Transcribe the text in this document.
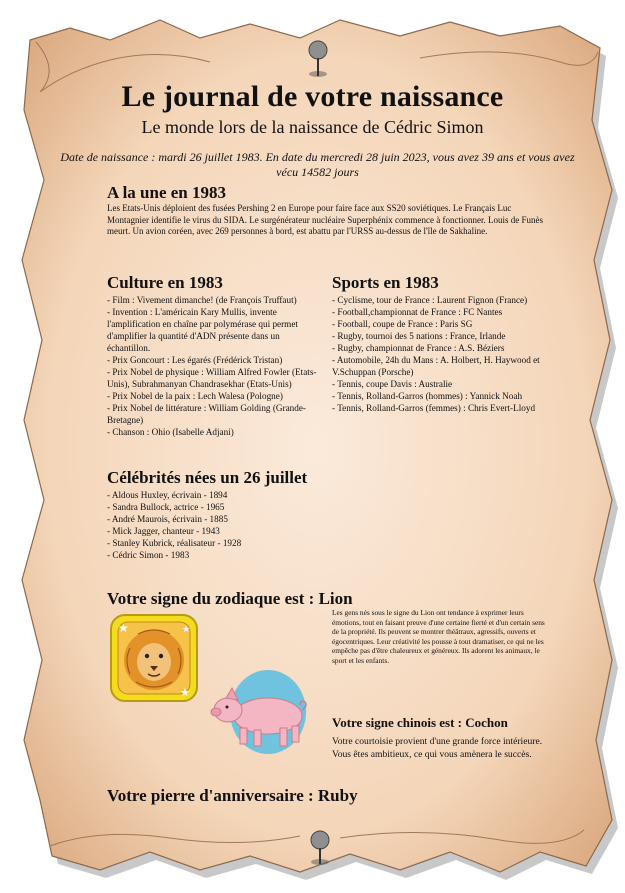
Le journal de votre naissance
Le monde lors de la naissance de Cédric Simon
Date de naissance : mardi 26 juillet 1983. En date du mercredi 28 juin 2023, vous avez 39 ans et vous avez vécu 14582 jours
A la une en 1983
Les Etats-Unis déploient des fusées Pershing 2 en Europe pour faire face aux SS20 soviétiques. Le Français Luc Montagnier identifie le virus du SIDA. Le surgénérateur nucléaire Superphénix commence à fonctionner. Louis de Funès meurt. Un avion coréen, avec 269 personnes à bord, est abattu par l'URSS au-dessus de l'île de Sakhaline.
Culture en 1983
- Film : Vivement dimanche! (de François Truffaut)
- Invention : L'américain Kary Mullis, invente l'amplification en chaîne par polymérase qui permet d'amplifier la quantité d'ADN présente dans un échantillon.
- Prix Goncourt : Les égarés (Frédérick Tristan)
- Prix Nobel de physique : William Alfred Fowler (Etats-Unis), Subrahmanyan Chandrasekhar (Etats-Unis)
- Prix Nobel de la paix : Lech Walesa (Pologne)
- Prix Nobel de littérature : William Golding (Grande-Bretagne)
- Chanson : Ohio (Isabelle Adjani)
Sports en 1983
- Cyclisme, tour de France : Laurent Fignon (France)
- Football,championnat de France : FC Nantes
- Football, coupe de France : Paris SG
- Rugby, tournoi des 5 nations : France, Irlande
- Rugby, championnat de France : A.S. Béziers
- Automobile, 24h du Mans : A. Holbert, H. Haywood et V.Schuppan (Porsche)
- Tennis, coupe Davis : Australie
- Tennis, Rolland-Garros (hommes) : Yannick Noah
- Tennis, Rolland-Garros (femmes) : Chris Evert-Lloyd
Célébrités nées un 26 juillet
- Aldous Huxley, écrivain - 1894
- Sandra Bullock, actrice - 1965
- André Maurois, écrivain - 1885
- Mick Jagger, chanteur - 1943
- Stanley Kubrick, réalisateur - 1928
- Cédric Simon - 1983
Votre signe du zodiaque est : Lion
Les gens nés sous le signe du Lion ont tendance à exprimer leurs émotions, tout en faisant preuve d'une certaine fierté et d'un certain sens de la propriété. Ils peuvent se montrer théâtraux, agressifs, ouverts et égocentriques. Leur créativité les pousse à tout dramatiser, ce qui ne les empêche pas d'être chaleureux et généreux. Ils adorent les animaux, le sport et les enfants.
★
★
★
Votre signe chinois est : Cochon
Votre courtoisie provient d'une grande force intérieure. Vous êtes ambitieux, ce qui vous amènera le succès.
Votre pierre d'anniversaire : Ruby
